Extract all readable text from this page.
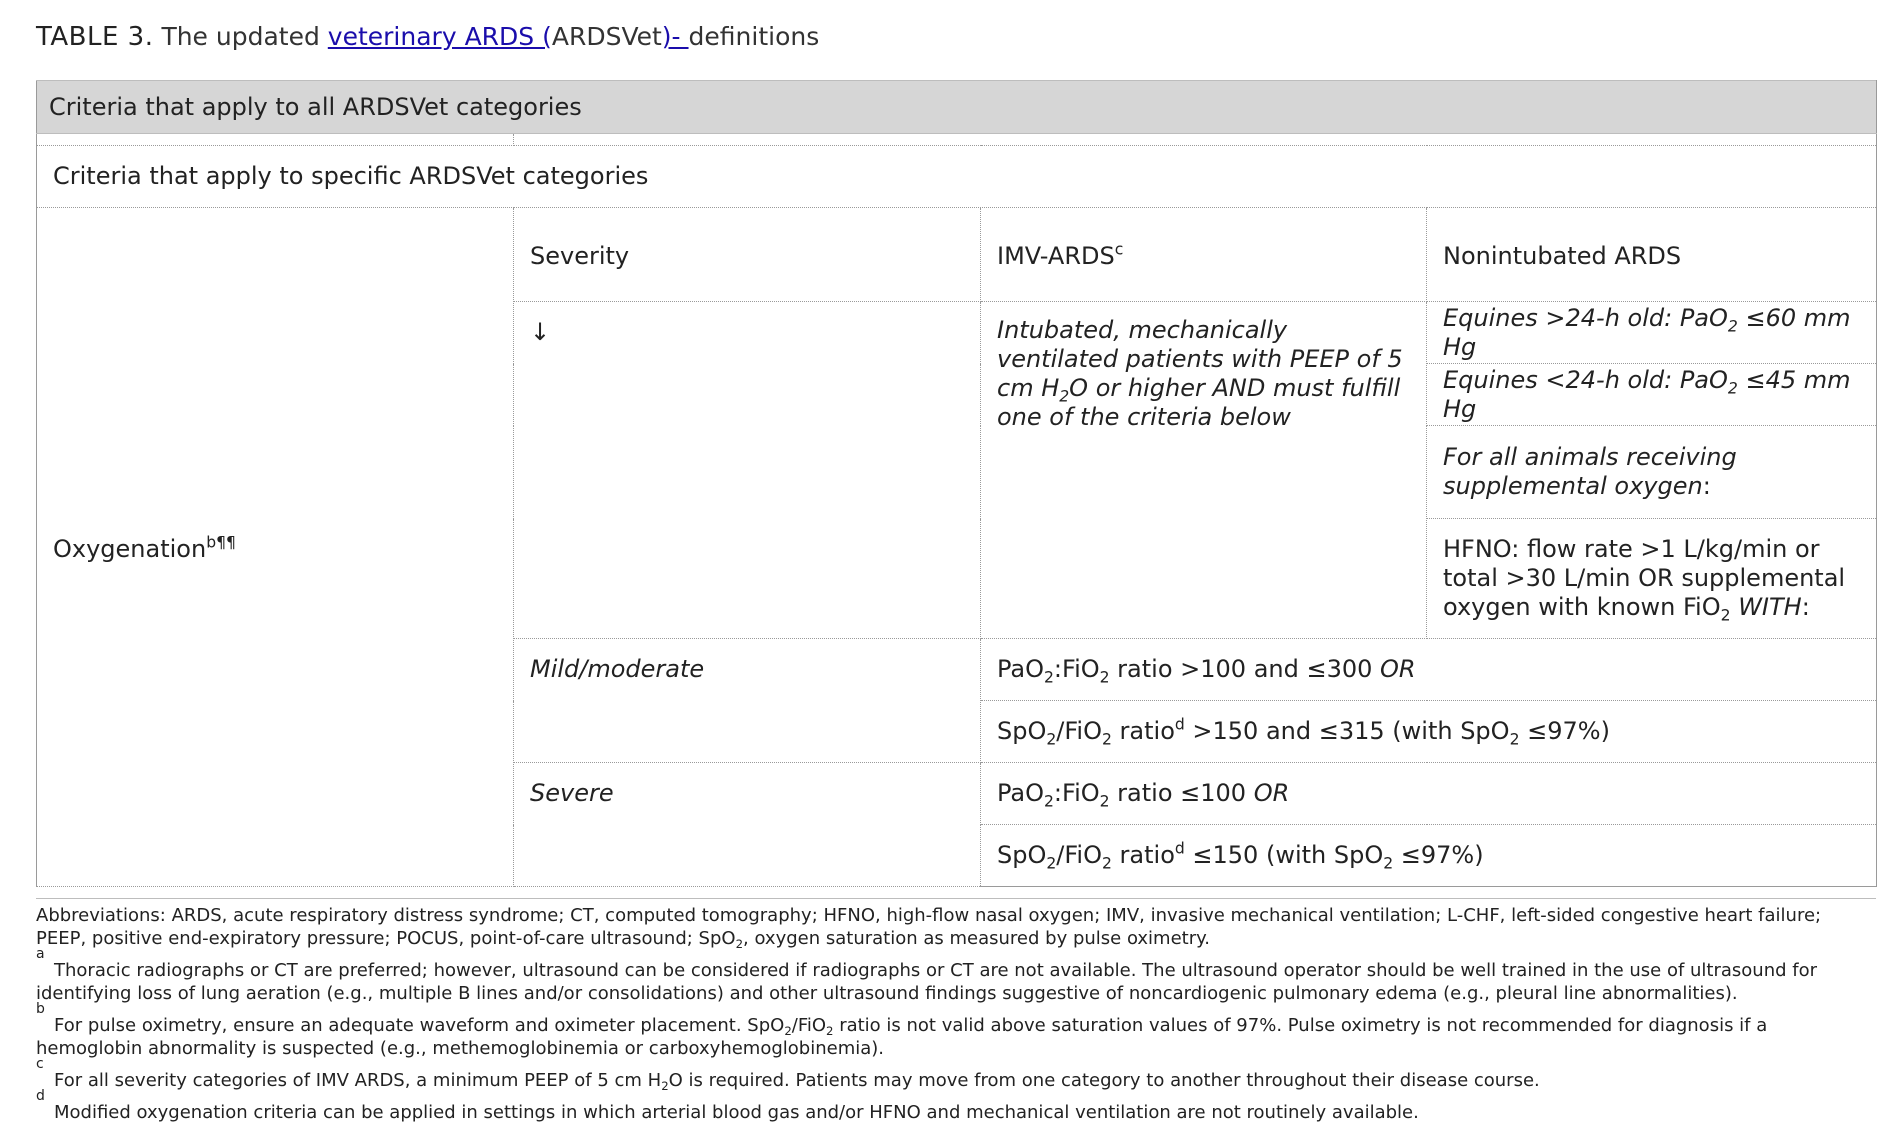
TABLE 3. The updated veterinary ARDS (ARDSVet)- definitions
Criteria that apply to all ARDSVet categories			

Criteria that apply to specific ARDSVet categories			
Oxygenation$^{b\P\P}$	Severity	IMV-ARDS$^c$	Nonintubated ARDS
	↓	Intubated, mechanically ventilated patients with PEEP of 5 cm $H_2O$ or higher AND must fulfill one of the criteria below	Equines >24-h old: PaO$_2$ ≤60 mm Hg
			Equines <24-h old: PaO$_2$ ≤45 mm Hg
			For all animals receiving supplemental oxygen:
			HFNO: flow rate >1 L/kg/min or total >30 L/min OR supplemental oxygen with known FiO$_2$ WITH:
	Mild/moderate	PaO$_2$:FiO$_2$ ratio >100 and ≤300 OR	
		SpO$_2$/FiO$_2$ ratio$^d$ >150 and ≤315 (with SpO$_2$ ≤97%)	
	Severe	PaO$_2$:FiO$_2$ ratio ≤100 OR	
		SpO$_2$/FiO$_2$ ratio$^d$ ≤150 (with SpO$_2$ ≤97%)	

Abbreviations: ARDS, acute respiratory distress syndrome; CT, computed tomography; HFNO, high-flow nasal oxygen; IMV, invasive mechanical ventilation; L-CHF, left-sided congestive heart failure; PEEP, positive end-expiratory pressure; POCUS, point-of-care ultrasound; SpO$_2$, oxygen saturation as measured by pulse oximetry.

a
Thoracic radiographs or CT are preferred; however, ultrasound can be considered if radiographs or CT are not available. The ultrasound operator should be well trained in the use of ultrasound for identifying loss of lung aeration (e.g., multiple B lines and/or consolidations) and other ultrasound findings suggestive of noncardiogenic pulmonary edema (e.g., pleural line abnormalities).

b
For pulse oximetry, ensure an adequate waveform and oximeter placement. SpO$_2$/FiO$_2$ ratio is not valid above saturation values of 97%. Pulse oximetry is not recommended for diagnosis if a hemoglobin abnormality is suspected (e.g., methemoglobinemia or carboxyhemoglobinemia).

c
For all severity categories of IMV ARDS, a minimum PEEP of 5 cm $H_2O$ is required. Patients may move from one category to another throughout their disease course.

d
Modified oxygenation criteria can be applied in settings in which arterial blood gas and/or HFNO and mechanical ventilation are not routinely available.
